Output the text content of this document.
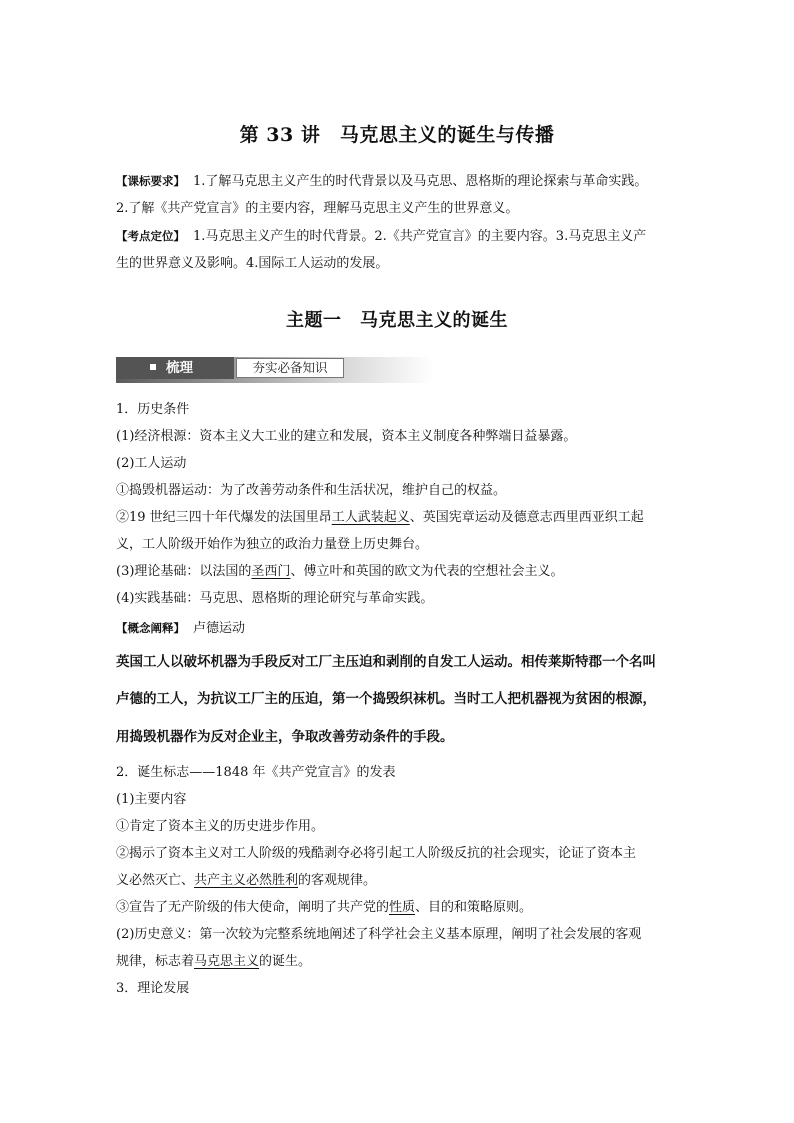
第 33 讲　马克思主义的诞生与传播
【课标要求】 1.了解马克思主义产生的时代背景以及马克思、恩格斯的理论探索与革命实践。
2.了解《共产党宣言》的主要内容，理解马克思主义产生的世界意义。
【考点定位】 1.马克思主义产生的时代背景。2.《共产党宣言》的主要内容。3.马克思主义产
生的世界意义及影响。4.国际工人运动的发展。
主题一　马克思主义的诞生
梳理	夯实必备知识
1．历史条件
(1)经济根源：资本主义大工业的建立和发展，资本主义制度各种弊端日益暴露。
(2)工人运动
①捣毁机器运动：为了改善劳动条件和生活状况，维护自己的权益。
②19 世纪三四十年代爆发的法国里昂工人武装起义、英国宪章运动及德意志西里西亚织工起
义，工人阶级开始作为独立的政治力量登上历史舞台。
(3)理论基础：以法国的圣西门、傅立叶和英国的欧文为代表的空想社会主义。
(4)实践基础：马克思、恩格斯的理论研究与革命实践。
【概念阐释】 卢德运动
英国工人以破坏机器为手段反对工厂主压迫和剥削的自发工人运动。相传莱斯特郡一个名叫
卢德的工人，为抗议工厂主的压迫，第一个捣毁织袜机。当时工人把机器视为贫困的根源，
用捣毁机器作为反对企业主，争取改善劳动条件的手段。
2．诞生标志——1848 年《共产党宣言》的发表
(1)主要内容
①肯定了资本主义的历史进步作用。
②揭示了资本主义对工人阶级的残酷剥夺必将引起工人阶级反抗的社会现实，论证了资本主
义必然灭亡、共产主义必然胜利的客观规律。
③宣告了无产阶级的伟大使命，阐明了共产党的性质、目的和策略原则。
(2)历史意义：第一次较为完整系统地阐述了科学社会主义基本原理，阐明了社会发展的客观
规律，标志着马克思主义的诞生。
3．理论发展
